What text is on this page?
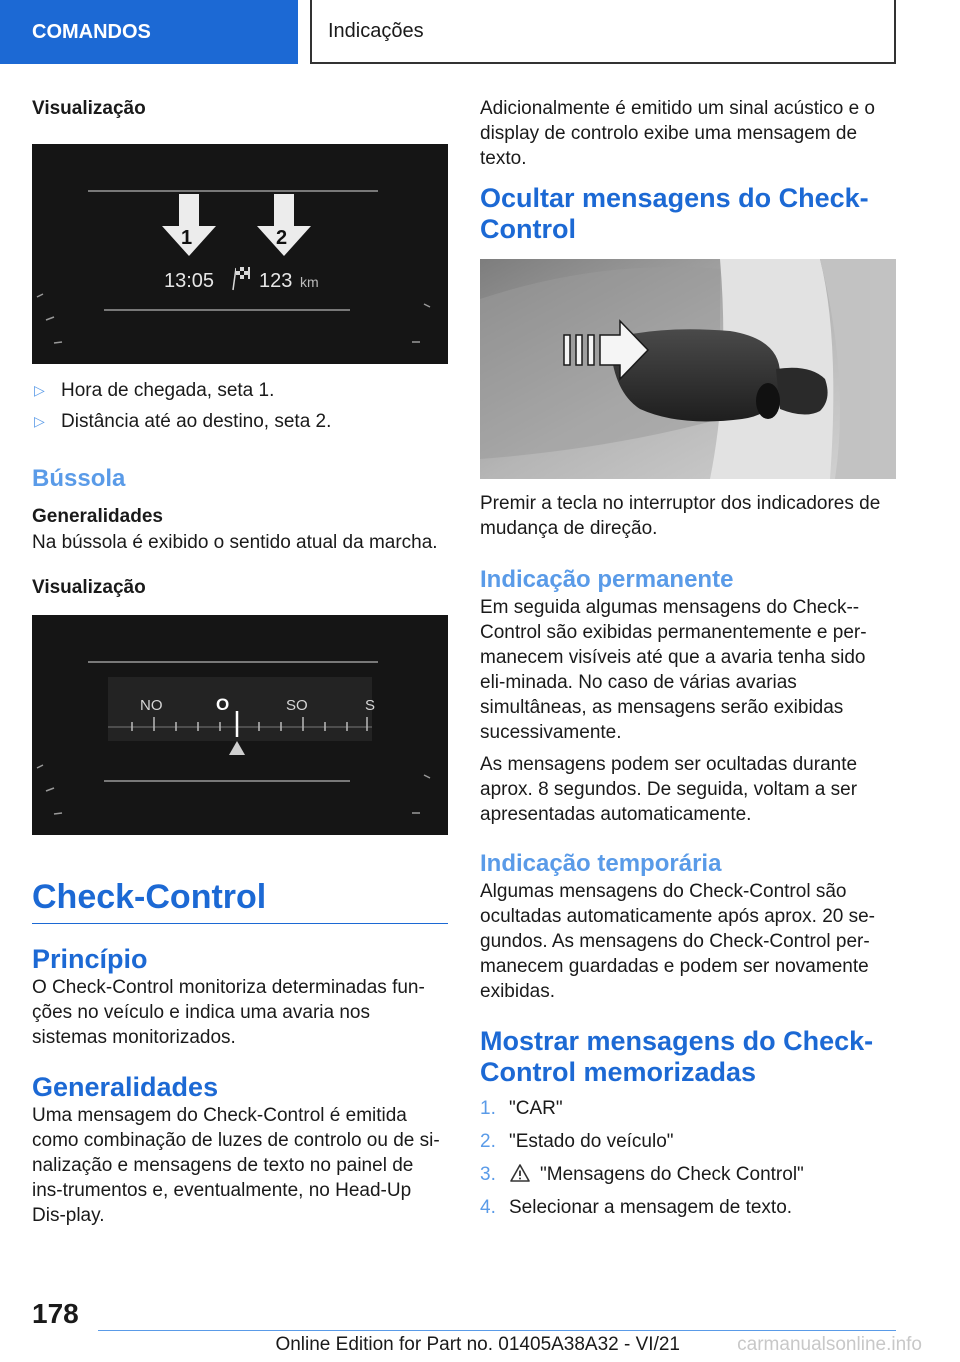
COMANDOS	Indicações
Visualização
1	2
13:05 123 km
▷ Hora de chegada, seta 1.
▷ Distância até ao destino, seta 2.
Bússola
Generalidades

Na bússola é exibido o sentido atual da marcha.

Visualização
NO	O	SO	S
Check-Control
Princípio

O Check-Control monitoriza determinadas fun-ções no veículo e indica uma avaria nos sistemas monitorizados.

Generalidades

Uma mensagem do Check-Control é emitida como combinação de luzes de controlo ou de si-nalização e mensagens de texto no painel de ins-trumentos e, eventualmente, no Head-Up Dis-play.

Adicionalmente é emitido um sinal acústico e o display de controlo exibe uma mensagem de texto.

Ocultar mensagens do Check-Control

Premir a tecla no interruptor dos indicadores de mudança de direção.

Indicação permanente

Em seguida algumas mensagens do Check--Control são exibidas permanentemente e per-manecem visíveis até que a avaria tenha sido eli-minada. No caso de várias avarias simultâneas, as mensagens serão exibidas sucessivamente.

As mensagens podem ser ocultadas durante aprox. 8 segundos. De seguida, voltam a ser apresentadas automaticamente.

Indicação temporária

Algumas mensagens do Check-Control são ocultadas automaticamente após aprox. 20 se-gundos. As mensagens do Check-Control per-manecem guardadas e podem ser novamente exibidas.

Mostrar mensagens do Check-Control memorizadas
1. "CAR"
2. "Estado do veículo"
3. "Mensagens do Check Control"
4. Selecionar a mensagem de texto.
178
Online Edition for Part no. 01405A38A32 - VI/21	carmanualsonline.info
